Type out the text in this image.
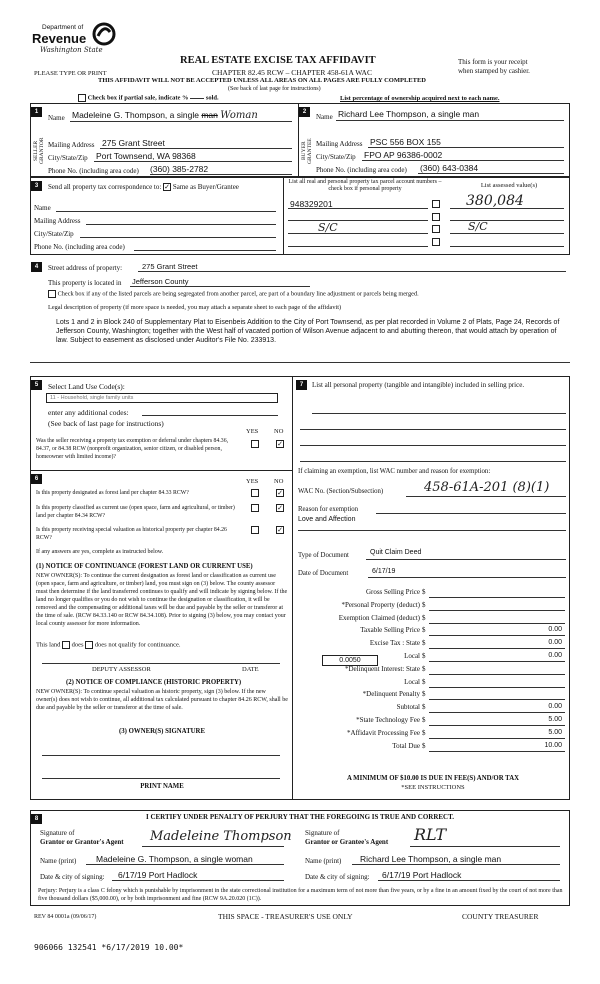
Department of
Revenue
Washington State
PLEASE TYPE OR PRINT
REAL ESTATE EXCISE TAX AFFIDAVIT
CHAPTER 82.45 RCW – CHAPTER 458-61A WAC
THIS AFFIDAVIT WILL NOT BE ACCEPTED UNLESS ALL AREAS ON ALL PAGES ARE FULLY COMPLETED
(See back of last page for instructions)
This form is your receipt
when stamped by cashier.
Check box if partial sale, indicate %	sold.	List percentage of ownership acquired next to each name.
1
SELLER GRANTOR
Name Madeleine G. Thompson, a single man Woman
Mailing Address 275 Grant Street
City/State/Zip Port Townsend, WA 98368
Phone No. (including area code) (360) 385-2782
2
BUYER GRANTEE
Name Richard Lee Thompson, a single man
Mailing Address PSC 556 BOX 155
City/State/Zip FPO AP 96386-0002
Phone No. (including area code) (360) 643-0384
3	Send all property tax correspondence to: ✓ Same as Buyer/Grantee
Name
Mailing Address
City/State/Zip
Phone No. (including area code)
List all real and personal property tax parcel account numbers – check box if personal property	List assessed value(s)
948329201	380,084
S/C	S/C
4	Street address of property:	275 Grant Street
This property is located in Jefferson County
Check box if any of the listed parcels are being segregated from another parcel, are part of a boundary line adjustment or parcels being merged.
Legal description of property (if more space is needed, you may attach a separate sheet to each page of the affidavit)
Lots 1 and 2 in Block 240 of Supplementary Plat to Eisenbeis Addition to the City of Port Townsend, as per plat recorded in Volume 2 of Plats, Page 24, Records of Jefferson County, Washington; together with the West half of vacated portion of Wilson Avenue adjacent to and abutting thereon, that would attach by operation of law. Subject to easement as disclosed under Auditor's File No. 233913.
5	Select Land Use Code(s):
11 - Household, single family units
enter any additional codes:
(See back of last page for instructions)
YES NO
Was the seller receiving a property tax exemption or deferral under chapters 84.36, 84.37, or 84.38 RCW (nonprofit organization, senior citizen, or disabled person, homeowner with limited income)?
✓
6	YES NO
Is this property designated as forest land per chapter 84.33 RCW?	✓
Is this property classified as current use (open space, farm and agricultural, or timber) land per chapter 84.34 RCW?
✓
Is this property receiving special valuation as historical property per chapter 84.26 RCW?
✓
If any answers are yes, complete as instructed below.
(1) NOTICE OF CONTINUANCE (FOREST LAND OR CURRENT USE)
NEW OWNER(S): To continue the current designation as forest land or classification as current use (open space, farm and agriculture, or timber) land, you must sign on (3) below. The county assessor must then determine if the land transferred continues to qualify and will indicate by signing below. If the land no longer qualifies or you do not wish to continue the designation or classification, it will be removed and the compensating or additional taxes will be due and payable by the seller or transferor at the time of sale. (RCW 84.33.140 or RCW 84.34.108). Prior to signing (3) below, you may contact your local county assessor for more information.
This land does does not qualify for continuance.
DEPUTY ASSESSOR	DATE
(2) NOTICE OF COMPLIANCE (HISTORIC PROPERTY)
NEW OWNER(S): To continue special valuation as historic property, sign (3) below. If the new owner(s) does not wish to continue, all additional tax calculated pursuant to chapter 84.26 RCW, shall be due and payable by the seller or transferor at the time of sale.
(3) OWNER(S) SIGNATURE
PRINT NAME
7	List all personal property (tangible and intangible) included in selling price.
If claiming an exemption, list WAC number and reason for exemption:
WAC No. (Section/Subsection)	458-61A-201 (8)(1)
Reason for exemption
Love and Affection
Type of Document	Quit Claim Deed
Date of Document	6/17/19
Gross Selling Price $
*Personal Property (deduct) $
Exemption Claimed (deduct) $
Taxable Selling Price $	0.00
Excise Tax : State $	0.00
Local $	0.00
*Delinquent Interest: State $
Local $
*Delinquent Penalty $
Subtotal $	0.00
*State Technology Fee $	5.00
*Affidavit Processing Fee $	5.00
Total Due $	10.00
0.0050
A MINIMUM OF $10.00 IS DUE IN FEE(S) AND/OR TAX
*SEE INSTRUCTIONS
8	I CERTIFY UNDER PENALTY OF PERJURY THAT THE FOREGOING IS TRUE AND CORRECT.
Signature of
Grantor or Grantor's Agent Madeleine Thompson Signature of
Grantor or Grantee's Agent RLT
Name (print) Madeleine G. Thompson, a single woman	Name (print) Richard Lee Thompson, a single man
Date & city of signing: 6/17/19 Port Hadlock	Date & city of signing: 6/17/19 Port Hadlock
Perjury: Perjury is a class C felony which is punishable by imprisonment in the state correctional institution for a maximum term of not more than five years, or by a fine in an amount fixed by the court of not more than five thousand dollars ($5,000.00), or by both imprisonment and fine (RCW 9A.20.020 (1C)).
REV 84 0001a (09/06/17)	THIS SPACE - TREASURER'S USE ONLY	COUNTY TREASURER
906066 132541 *6/17/2019 10.00*
